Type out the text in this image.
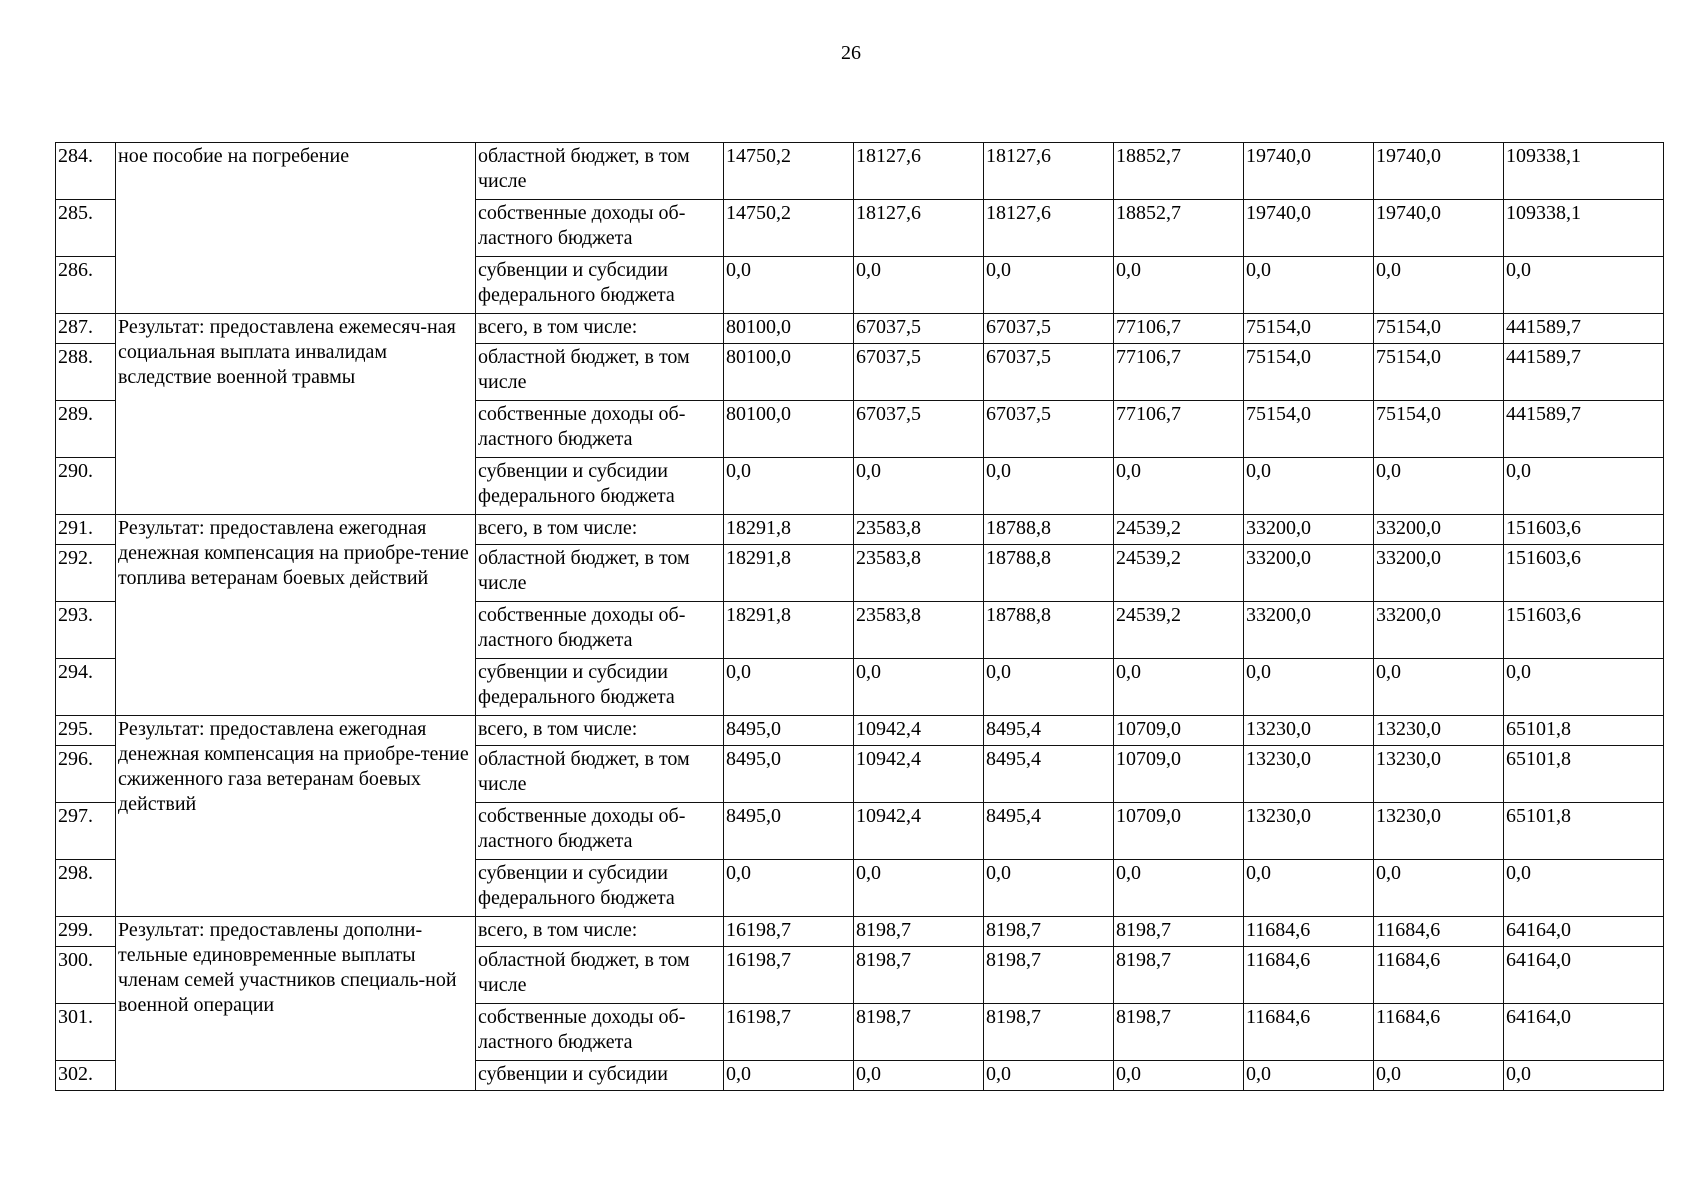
26
284.	ное пособие на погребение	областной бюджет, в том числе	14750,2	18127,6	18127,6	18852,7	19740,0	19740,0	109338,1
285.		собственные доходы об-ластного бюджета	14750,2	18127,6	18127,6	18852,7	19740,0	19740,0	109338,1
286.		субвенции и субсидии федерального бюджета	0,0	0,0	0,0	0,0	0,0	0,0	0,0
287.	Результат: предоставлена ежемесяч-ная социальная выплата инвалидам вследствие военной травмы	всего, в том числе:	80100,0	67037,5	67037,5	77106,7	75154,0	75154,0	441589,7
288.		областной бюджет, в том числе	80100,0	67037,5	67037,5	77106,7	75154,0	75154,0	441589,7
289.		собственные доходы об-ластного бюджета	80100,0	67037,5	67037,5	77106,7	75154,0	75154,0	441589,7
290.		субвенции и субсидии федерального бюджета	0,0	0,0	0,0	0,0	0,0	0,0	0,0
291.	Результат: предоставлена ежегодная денежная компенсация на приобре-тение топлива ветеранам боевых действий	всего, в том числе:	18291,8	23583,8	18788,8	24539,2	33200,0	33200,0	151603,6
292.		областной бюджет, в том числе	18291,8	23583,8	18788,8	24539,2	33200,0	33200,0	151603,6
293.		собственные доходы об-ластного бюджета	18291,8	23583,8	18788,8	24539,2	33200,0	33200,0	151603,6
294.		субвенции и субсидии федерального бюджета	0,0	0,0	0,0	0,0	0,0	0,0	0,0
295.	Результат: предоставлена ежегодная денежная компенсация на приобре-тение сжиженного газа ветеранам боевых действий	всего, в том числе:	8495,0	10942,4	8495,4	10709,0	13230,0	13230,0	65101,8
296.		областной бюджет, в том числе	8495,0	10942,4	8495,4	10709,0	13230,0	13230,0	65101,8
297.		собственные доходы об-ластного бюджета	8495,0	10942,4	8495,4	10709,0	13230,0	13230,0	65101,8
298.		субвенции и субсидии федерального бюджета	0,0	0,0	0,0	0,0	0,0	0,0	0,0
299.	Результат: предоставлены дополни-тельные единовременные выплаты членам семей участников специаль-ной военной операции	всего, в том числе:	16198,7	8198,7	8198,7	8198,7	11684,6	11684,6	64164,0
300.		областной бюджет, в том числе	16198,7	8198,7	8198,7	8198,7	11684,6	11684,6	64164,0
301.		собственные доходы об-ластного бюджета	16198,7	8198,7	8198,7	8198,7	11684,6	11684,6	64164,0
302.		субвенции и субсидии	0,0	0,0	0,0	0,0	0,0	0,0	0,0
